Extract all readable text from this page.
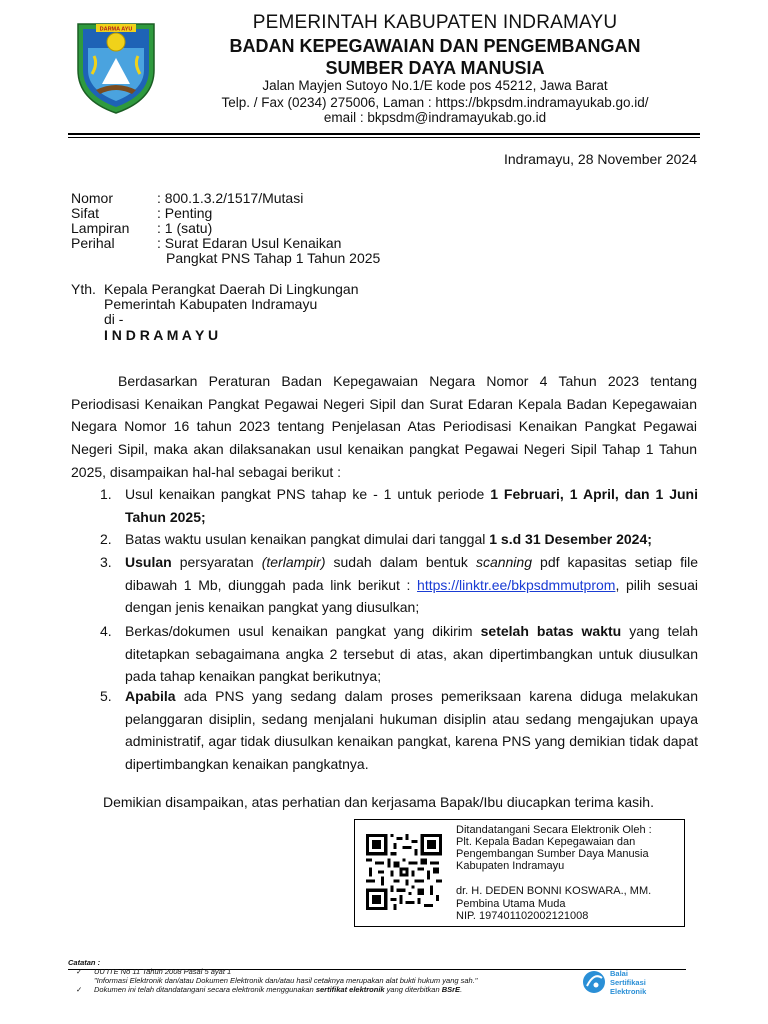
DARMA AYU	PEMERINTAH KABUPATEN INDRAMAYU
BADAN KEPEGAWAIAN DAN PENGEMBANGAN
SUMBER DAYA MANUSIA
Jalan Mayjen Sutoyo No.1/E kode pos 45212, Jawa Barat
Telp. / Fax (0234) 275006, Laman : https://bkpsdm.indramayukab.go.id/
email : bkpsdm@indramayukab.go.id
Indramayu, 28 November 2024
Nomor	: 800.1.3.2/1517/Mutasi
Sifat	: Penting
Lampiran : 1 (satu)
Perihal	: Surat Edaran Usul Kenaikan
Pangkat PNS Tahap 1 Tahun 2025
Yth. Kepala Perangkat Daerah Di Lingkungan
Pemerintah Kabupaten Indramayu
di -
I N D R A M A Y U
Berdasarkan Peraturan Badan Kepegawaian Negara Nomor 4 Tahun 2023 tentang Periodisasi Kenaikan Pangkat Pegawai Negeri Sipil dan Surat Edaran Kepala Badan Kepegawaian Negara Nomor 16 tahun 2023 tentang Penjelasan Atas Periodisasi Kenaikan Pangkat Pegawai Negeri Sipil, maka akan dilaksanakan usul kenaikan pangkat Pegawai Negeri Sipil Tahap 1 Tahun 2025, disampaikan hal-hal sebagai berikut :
1. Usul kenaikan pangkat PNS tahap ke - 1 untuk periode 1 Februari, 1 April, dan 1 Juni Tahun 2025;
2. Batas waktu usulan kenaikan pangkat dimulai dari tanggal 1 s.d 31 Desember 2024;
3. Usulan persyaratan (terlampir) sudah dalam bentuk scanning pdf kapasitas setiap file dibawah 1 Mb, diunggah pada link berikut : https://linktr.ee/bkpsdmmutprom, pilih sesuai dengan jenis kenaikan pangkat yang diusulkan;
4. Berkas/dokumen usul kenaikan pangkat yang dikirim setelah batas waktu yang telah ditetapkan sebagaimana angka 2 tersebut di atas, akan dipertimbangkan untuk diusulkan pada tahap kenaikan pangkat berikutnya;
5. Apabila ada PNS yang sedang dalam proses pemeriksaan karena diduga melakukan pelanggaran disiplin, sedang menjalani hukuman disiplin atau sedang mengajukan upaya administratif, agar tidak diusulkan kenaikan pangkat, karena PNS yang demikian tidak dapat dipertimbangkan kenaikan pangkatnya.
Demikian disampaikan, atas perhatian dan kerjasama Bapak/Ibu diucapkan terima kasih.
Ditandatangani Secara Elektronik Oleh :
Plt. Kepala Badan Kepegawaian dan
Pengembangan Sumber Daya Manusia
Kabupaten Indramayu
dr. H. DEDEN BONNI KOSWARA., MM.
Pembina Utama Muda
NIP. 197401102002121008
Catatan :
✓ UU ITE No 11 Tahun 2008 Pasal 5 ayat 1
"Informasi Elektronik dan/atau Dokumen Elektronik dan/atau hasil cetaknya merupakan alat bukti hukum yang sah."
✓ Dokumen ini telah ditandatangani secara elektronik menggunakan sertifikat elektronik yang diterbitkan BSrE.
Balai
Sertifikasi
Elektronik
